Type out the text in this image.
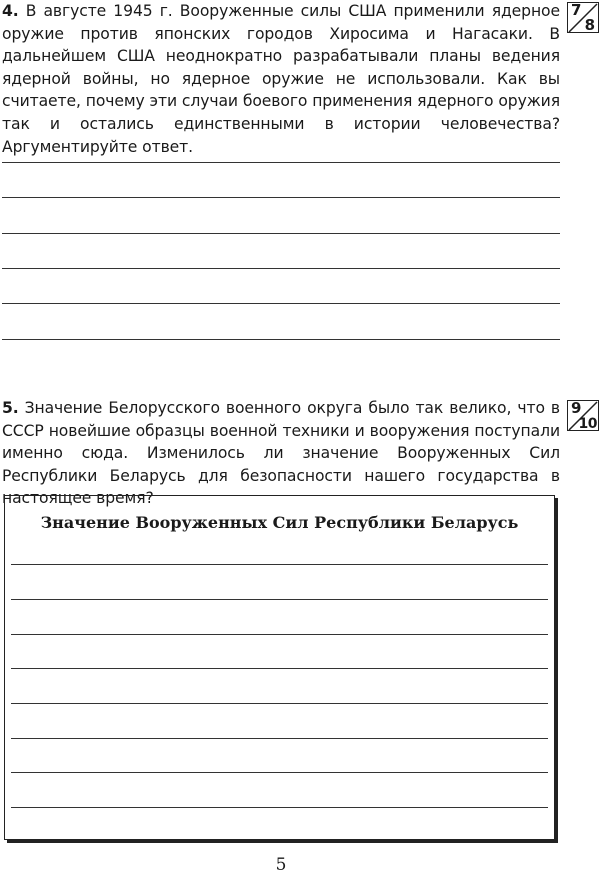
4. В августе 1945 г. Вооруженные силы США применили ядерное оружие против японских городов Хиросима и Нагасаки. В дальнейшем США неоднократно разрабатывали планы ведения ядерной войны, но ядерное оружие не использовали. Как вы считаете, почему эти случаи боевого применения ядерного оружия так и остались единственными в истории человечества? Аргументируйте ответ.
7
8
5. Значение Белорусского военного округа было так велико, что в СССР новейшие образцы военной техники и вооружения поступали именно сюда. Изменилось ли значение Вооруженных Сил Республики Беларусь для безопасности нашего государства в настоящее время?
9
10
Значение Вооруженных Сил Республики Беларусь
5
